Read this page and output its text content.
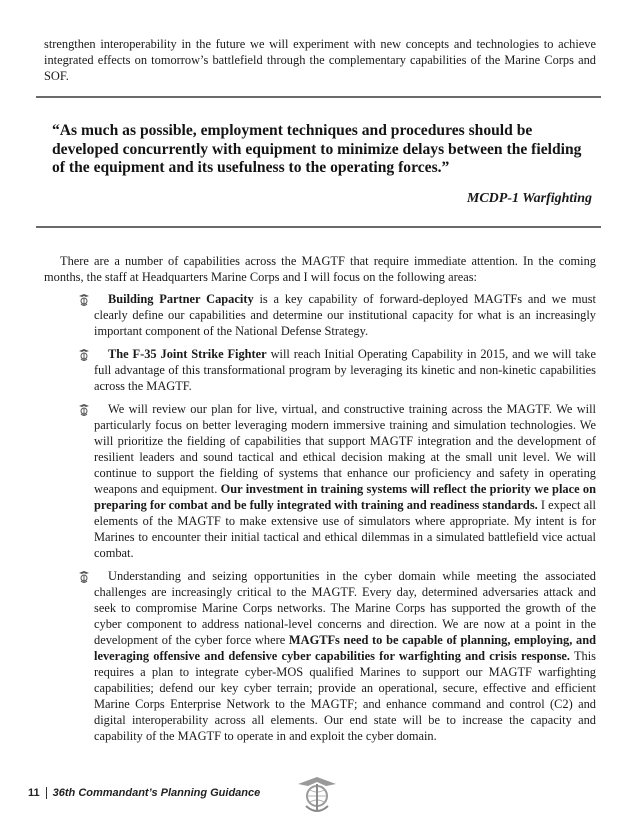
strengthen interoperability in the future we will experiment with new concepts and technologies to achieve integrated effects on tomorrow’s battlefield through the complementary capabilities of the Marine Corps and SOF.

“As much as possible, employment techniques and procedures should be developed concurrently with equipment to minimize delays between the fielding of the equipment and its usefulness to the operating forces.”

MCDP-1 Warfighting

There are a number of capabilities across the MAGTF that require immediate attention. In the coming months, the staff at Headquarters Marine Corps and I will focus on the following areas:

Building Partner Capacity is a key capability of forward-deployed MAGTFs and we must clearly define our capabilities and determine our institutional capacity for what is an increasingly important component of the National Defense Strategy.

The F-35 Joint Strike Fighter will reach Initial Operating Capability in 2015, and we will take full advantage of this transformational program by leveraging its kinetic and non-kinetic capabilities across the MAGTF.

We will review our plan for live, virtual, and constructive training across the MAGTF. We will particularly focus on better leveraging modern immersive training and simulation technologies. We will prioritize the fielding of capabilities that support MAGTF integration and the development of resilient leaders and sound tactical and ethical decision making at the small unit level. We will continue to support the fielding of systems that enhance our proficiency and safety in operating weapons and equipment. Our investment in training systems will reflect the priority we place on preparing for combat and be fully integrated with training and readiness standards. I expect all elements of the MAGTF to make extensive use of simulators where appropriate. My intent is for Marines to encounter their initial tactical and ethical dilemmas in a simulated battlefield vice actual combat.

Understanding and seizing opportunities in the cyber domain while meeting the associated challenges are increasingly critical to the MAGTF. Every day, determined adversaries attack and seek to compromise Marine Corps networks. The Marine Corps has supported the growth of the cyber component to address national-level concerns and direction. We are now at a point in the development of the cyber force where MAGTFs need to be capable of planning, employing, and leveraging offensive and defensive cyber capabilities for warfighting and crisis response. This requires a plan to integrate cyber-MOS qualified Marines to support our MAGTF warfighting capabilities; defend our key cyber terrain; provide an operational, secure, effective and efficient Marine Corps Enterprise Network to the MAGTF; and enhance command and control (C2) and digital interoperability across all elements. Our end state will be to increase the capacity and capability of the MAGTF to operate in and exploit the cyber domain.

11 36th Commandant’s Planning Guidance
